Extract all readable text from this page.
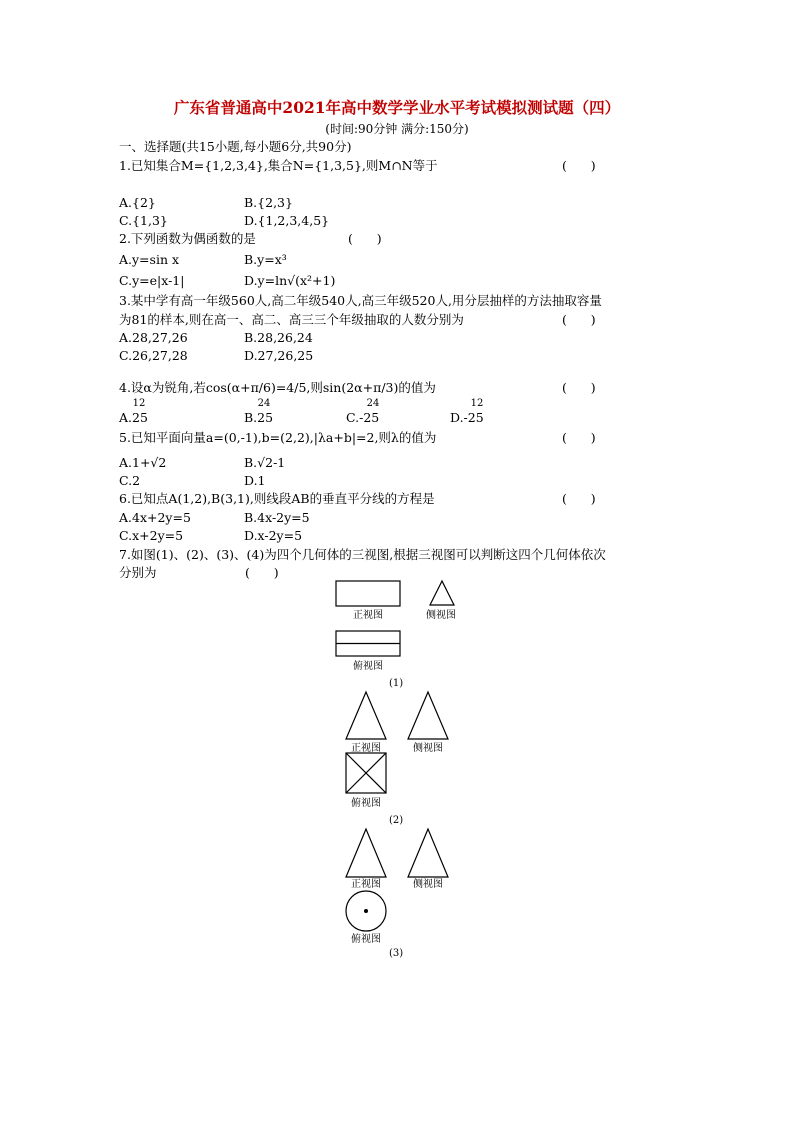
广东省普通高中2021年高中数学学业水平考试模拟测试题（四）
(时间:90分钟 满分:150分)
一、选择题(共15小题,每小题6分,共90分)
1.已知集合M={1,2,3,4},集合N={1,3,5},则M∩N等于	(      )
A.{2}	B.{2,3}
C.{1,3}	D.{1,2,3,4,5}
2.下列函数为偶函数的是	(      )
A.y=sin x	B.y=x³
C.y=e|x-1|	D.y=ln√(x²+1)
3.某中学有高一年级560人,高二年级540人,高三年级520人,用分层抽样的方法抽取容量
为81的样本,则在高一、高二、高三三个年级抽取的人数分别为	(      )
A.28,27,26	B.28,26,24
C.26,27,28	D.27,26,25
4.设α为锐角,若cos(α+π/6)=4/5,则sin(2α+π/3)的值为	(      )
12
A.25
24
B.25
24
C.-25
12
D.-25
5.已知平面向量a=(0,-1),b=(2,2),|λa+b|=2,则λ的值为	(      )
A.1+√2	B.√2-1
C.2	D.1
6.已知点A(1,2),B(3,1),则线段AB的垂直平分线的方程是	(      )
A.4x+2y=5	B.4x-2y=5
C.x+2y=5	D.x-2y=5
7.如图(1)、(2)、(3)、(4)为四个几何体的三视图,根据三视图可以判断这四个几何体依次
分别为	(      )
正视图	侧视图
俯视图
(1)
正视图	侧视图
俯视图
(2)
正视图	侧视图
俯视图
(3)
